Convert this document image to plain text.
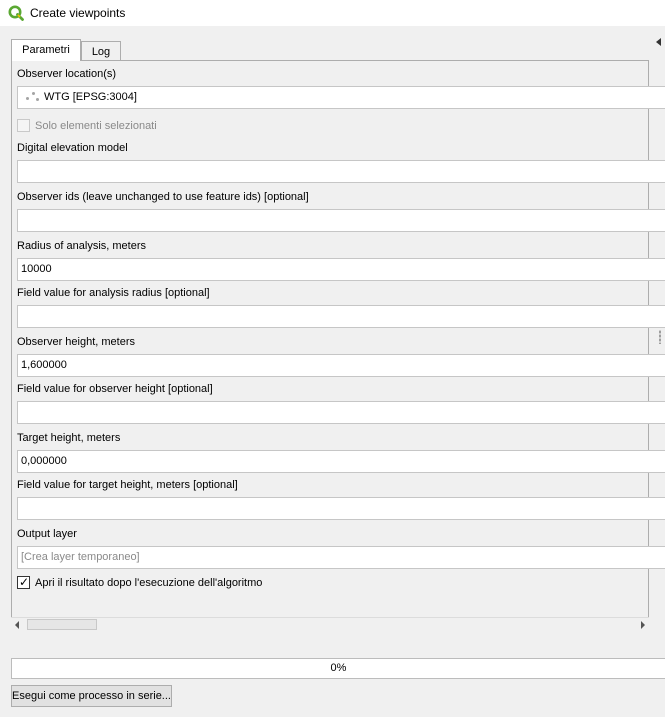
Create viewpoints
Parametri	Log
Observer location(s)
WTG [EPSG:3004]
Solo elementi selezionati
Digital elevation model
Observer ids (leave unchanged to use feature ids) [optional]
Radius of analysis, meters
10000
Field value for analysis radius [optional]
Observer height, meters
1,600000
Field value for observer height [optional]
Target height, meters
0,000000
Field value for target height, meters [optional]
Output layer
[Crea layer temporaneo]
✓ Apri il risultato dopo l'esecuzione dell'algoritmo
0%
Esegui come processo in serie...
